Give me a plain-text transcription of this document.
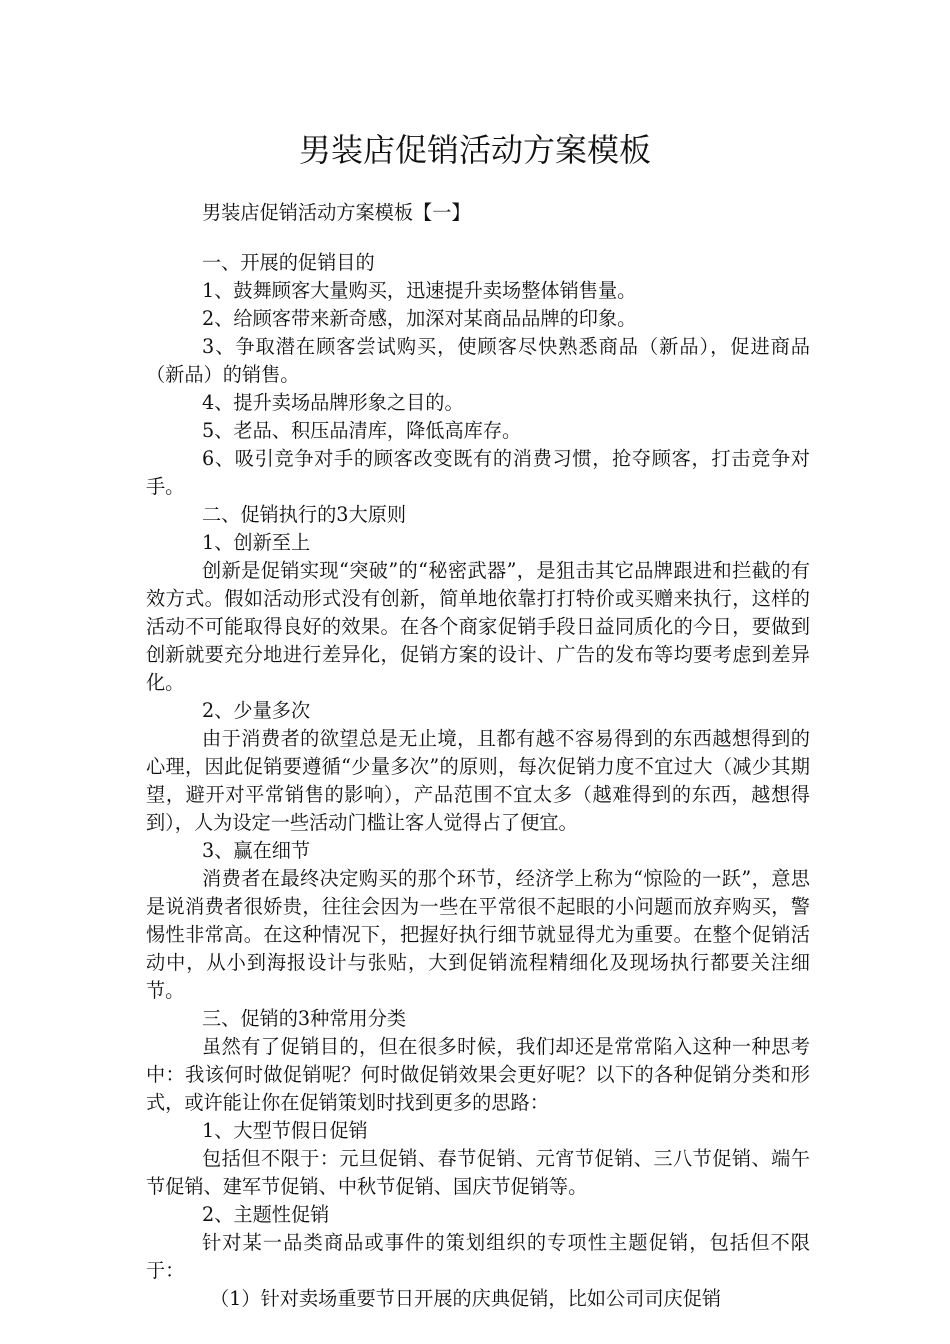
男装店促销活动方案模板

男装店促销活动方案模板【一】

一、开展的促销目的

1、鼓舞顾客大量购买，迅速提升卖场整体销售量。

2、给顾客带来新奇感，加深对某商品品牌的印象。

3、争取潜在顾客尝试购买，使顾客尽快熟悉商品（新品），促进商品（新品）的销售。

4、提升卖场品牌形象之目的。

5、老品、积压品清库，降低高库存。

6、吸引竞争对手的顾客改变既有的消费习惯，抢夺顾客，打击竞争对手。

二、促销执行的3大原则

1、创新至上

创新是促销实现“突破”的“秘密武器”，是狙击其它品牌跟进和拦截的有效方式。假如活动形式没有创新，简单地依靠打打特价或买赠来执行，这样的活动不可能取得良好的效果。在各个商家促销手段日益同质化的今日，要做到创新就要充分地进行差异化，促销方案的设计、广告的发布等均要考虑到差异化。

2、少量多次

由于消费者的欲望总是无止境，且都有越不容易得到的东西越想得到的心理，因此促销要遵循“少量多次”的原则，每次促销力度不宜过大（减少其期望，避开对平常销售的影响），产品范围不宜太多（越难得到的东西，越想得到），人为设定一些活动门槛让客人觉得占了便宜。

3、赢在细节

消费者在最终决定购买的那个环节，经济学上称为“惊险的一跃”，意思是说消费者很娇贵，往往会因为一些在平常很不起眼的小问题而放弃购买，警惕性非常高。在这种情况下，把握好执行细节就显得尤为重要。在整个促销活动中，从小到海报设计与张贴，大到促销流程精细化及现场执行都要关注细节。

三、促销的3种常用分类

虽然有了促销目的，但在很多时候，我们却还是常常陷入这种一种思考中：我该何时做促销呢？何时做促销效果会更好呢？以下的各种促销分类和形式，或许能让你在促销策划时找到更多的思路：

1、大型节假日促销

包括但不限于：元旦促销、春节促销、元宵节促销、三八节促销、端午节促销、建军节促销、中秋节促销、国庆节促销等。

2、主题性促销

针对某一品类商品或事件的策划组织的专项性主题促销，包括但不限于：

（1）针对卖场重要节日开展的庆典促销，比如公司司庆促销
